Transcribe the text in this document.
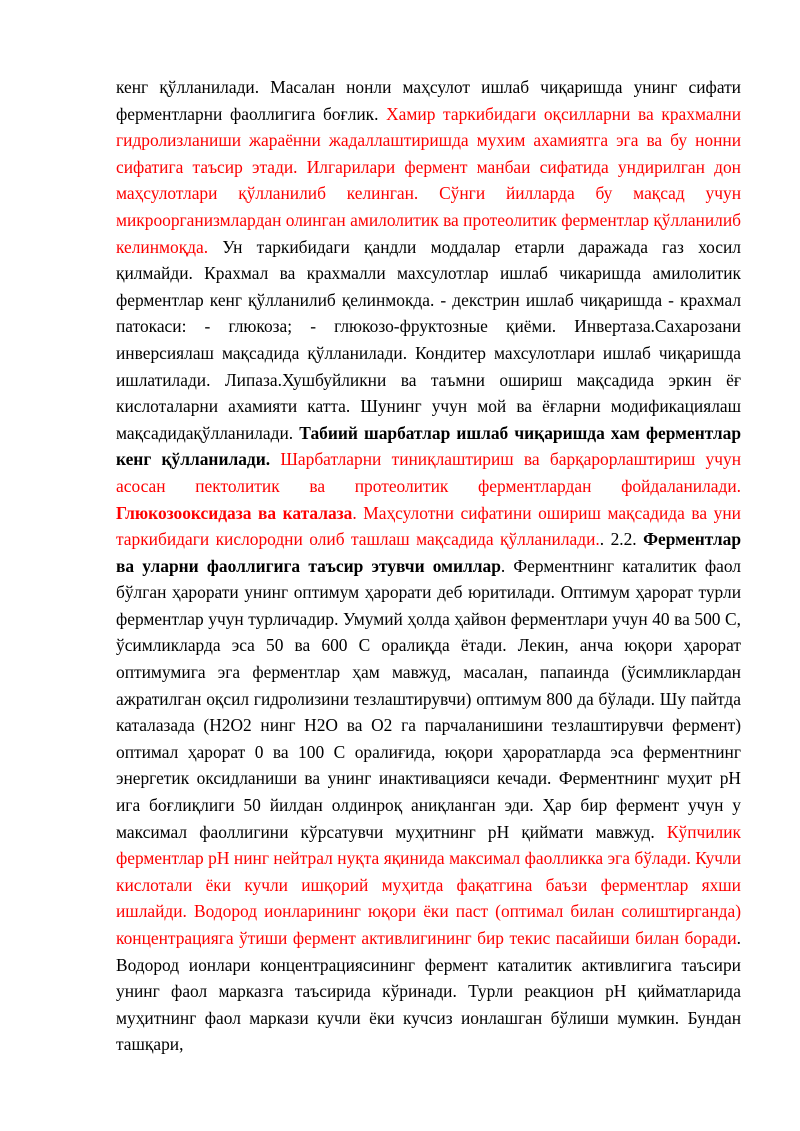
кенг қўлланилади. Масалан нонли маҳсулот ишлаб чиқаришда унинг сифати ферментларни фаоллигига боғлик. Хамир таркибидаги оқсилларни ва крахмални гидролизланиши жараённи жадаллаштиришда мухим ахамиятга эга ва бу нонни сифатига таъсир этади. Илгарилари фермент манбаи сифатида ундирилган дон маҳсулотлари қўлланилиб келинган. Сўнги йилларда бу мақсад учун микроорганизмлардан олинган амилолитик ва протеолитик ферментлар қўлланилиб келинмоқда. Ун таркибидаги қандли моддалар етарли даражада газ хосил қилмайди. Крахмал ва крахмалли махсулотлар ишлаб чикаришда амилолитик ферментлар кенг қўлланилиб қелинмокда. - декстрин ишлаб чиқаришда - крахмал патокаси: - глюкоза; - глюкозо-фруктозные қиёми. Инвертаза.Сахарозани инверсиялаш мақсадида қўлланилади. Кондитер махсулотлари ишлаб чиқаришда ишлатилади. Липаза.Хушбуйликни ва таъмни ошириш мақсадида эркин ёғ кислоталарни ахамияти катта. Шунинг учун мой ва ёғларни модификациялаш мақсадидақўлланилади. Табиий шарбатлар ишлаб чиқаришда хам ферментлар кенг қўлланилади. Шарбатларни тиниқлаштириш ва барқарорлаштириш учун асосан пектолитик ва протеолитик ферментлардан фойдаланилади. Глюкозооксидаза ва каталаза. Маҳсулотни сифатини ошириш мақсадида ва уни таркибидаги кислородни олиб ташлаш мақсадида қўлланилади.. 2.2. Ферментлар ва уларни фаоллигига таъсир этувчи омиллар. Ферментнинг каталитик фаол бўлган ҳарорати унинг оптимум ҳарорати деб юритилади. Оптимум ҳарорат турли ферментлар учун турличадир. Умумий ҳолда ҳайвон ферментлари учун 40 ва 500 С, ўсимликларда эса 50 ва 600 С оралиқда ётади. Лекин, анча юқори ҳарорат оптимумига эга ферментлар ҳам мавжуд, масалан, папаинда (ўсимликлардан ажратилган оқсил гидролизини тезлаштирувчи) оптимум 800 да бўлади. Шу пайтда каталазада (Н2О2 нинг Н2О ва О2 га парчаланишини тезлаштирувчи фермент) оптимал ҳарорат 0 ва 100 С оралиғида, юқори ҳароратларда эса ферментнинг энергетик оксидланиши ва унинг инактивацияси кечади. Ферментнинг муҳит рН ига боғлиқлиги 50 йилдан олдинроқ аниқланган эди. Ҳар бир фермент учун у максимал фаоллигини кўрсатувчи муҳитнинг рН қиймати мавжуд. Кўпчилик ферментлар рН нинг нейтрал нуқта яқинида максимал фаолликка эга бўлади. Кучли кислотали ёки кучли ишқорий муҳитда фақатгина баъзи ферментлар яхши ишлайди. Водород ионларининг юқори ёки паст (оптимал билан солиштирганда) концентрацияга ўтиши фермент активлигининг бир текис пасайиши билан боради. Водород ионлари концентрациясининг фермент каталитик активлигига таъсири унинг фаол марказга таъсирида кўринади. Турли реакцион рН қийматларида муҳитнинг фаол маркази кучли ёки кучсиз ионлашган бўлиши мумкин. Бундан ташқари,
